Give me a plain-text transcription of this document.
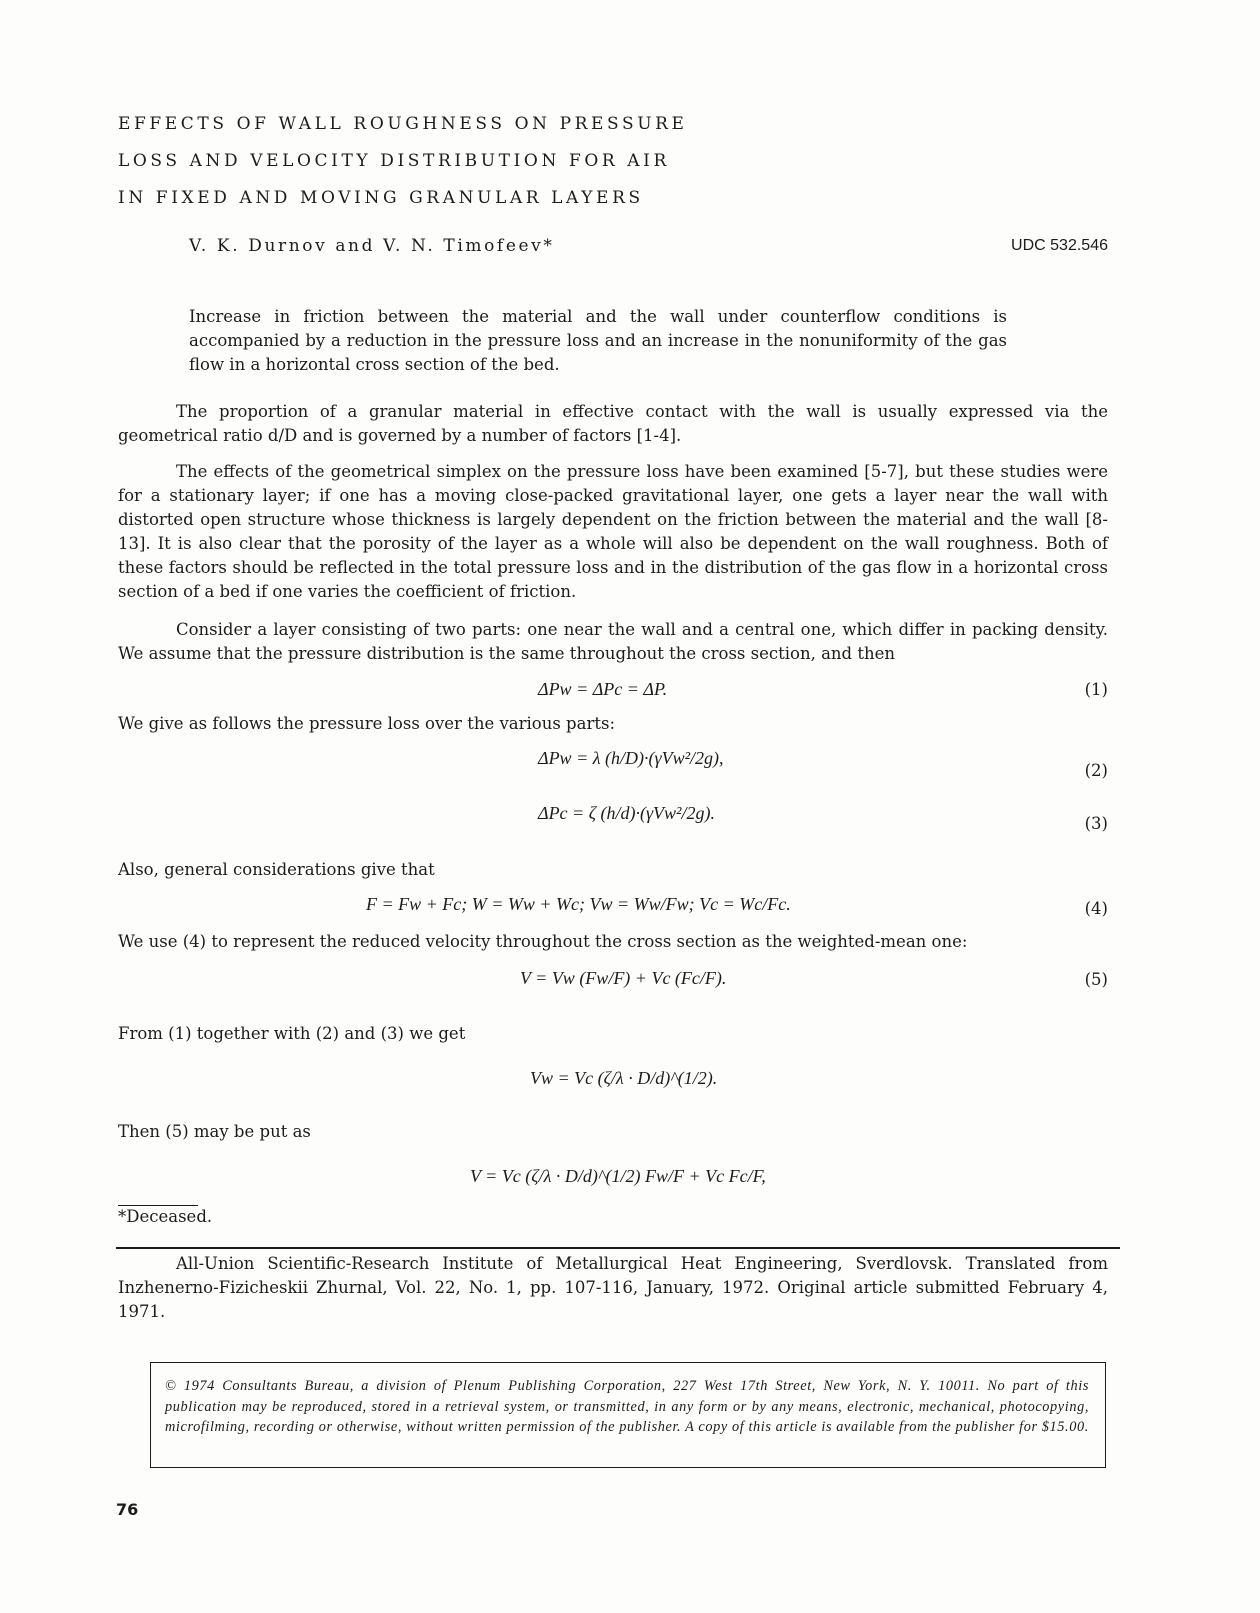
EFFECTS OF WALL ROUGHNESS ON PRESSURE
LOSS AND VELOCITY DISTRIBUTION FOR AIR
IN FIXED AND MOVING GRANULAR LAYERS
V. K. Durnov and V. N. Timofeev*	UDC 532.546

Increase in friction between the material and the wall under counterflow conditions is accompanied by a reduction in the pressure loss and an increase in the nonuniformity of the gas flow in a horizontal cross section of the bed.

The proportion of a granular material in effective contact with the wall is usually expressed via the geometrical ratio d/D and is governed by a number of factors [1-4].

The effects of the geometrical simplex on the pressure loss have been examined [5-7], but these studies were for a stationary layer; if one has a moving close-packed gravitational layer, one gets a layer near the wall with distorted open structure whose thickness is largely dependent on the friction between the material and the wall [8-13]. It is also clear that the porosity of the layer as a whole will also be dependent on the wall roughness. Both of these factors should be reflected in the total pressure loss and in the distribution of the gas flow in a horizontal cross section of a bed if one varies the coefficient of friction.

Consider a layer consisting of two parts: one near the wall and a central one, which differ in packing density. We assume that the pressure distribution is the same throughout the cross section, and then

ΔPw = ΔPc = ΔP.	(1)
We give as follows the pressure loss over the various parts:
ΔPw = λ (h/D)·(γVw²/2g),
(2)
ΔPc = ζ (h/d)·(γVw²/2g).
(3)
Also, general considerations give that
F = Fw + Fc; W = Ww + Wc; Vw = Ww/Fw; Vc = Wc/Fc.	(4)
We use (4) to represent the reduced velocity throughout the cross section as the weighted-mean one:
V = Vw (Fw/F) + Vc (Fc/F).	(5)
From (1) together with (2) and (3) we get
Vw = Vc (ζ/λ · D/d)^(1/2).
Then (5) may be put as
V = Vc (ζ/λ · D/d)^(1/2) Fw/F + Vc Fc/F,
*Deceased.

All-Union Scientific-Research Institute of Metallurgical Heat Engineering, Sverdlovsk. Translated from Inzhenerno-Fizicheskii Zhurnal, Vol. 22, No. 1, pp. 107-116, January, 1972. Original article submitted February 4, 1971.

© 1974 Consultants Bureau, a division of Plenum Publishing Corporation, 227 West 17th Street, New York, N. Y. 10011. No part of this publication may be reproduced, stored in a retrieval system, or transmitted, in any form or by any means, electronic, mechanical, photocopying, microfilming, recording or otherwise, without written permission of the publisher. A copy of this article is available from the publisher for $15.00.
76
